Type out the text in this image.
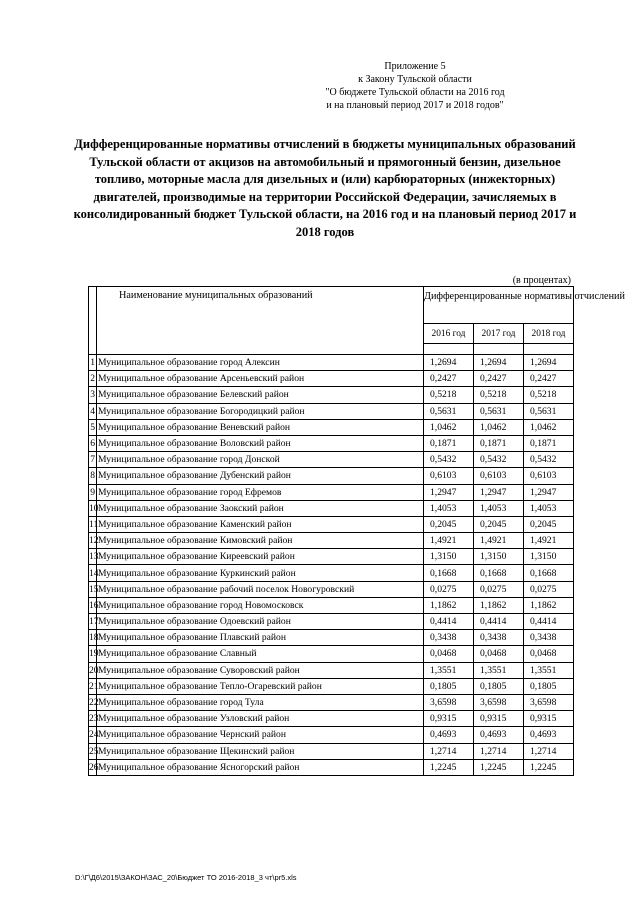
Приложение 5
к Закону Тульской области
"О бюджете Тульской области на 2016 год
и на плановый период 2017 и 2018 годов"
Дифференцированные нормативы отчислений в бюджеты муниципальных образований Тульской области от акцизов на автомобильный и прямогонный бензин, дизельное топливо, моторные масла для дизельных и (или) карбюраторных (инжекторных) двигателей, производимые на территории Российской Федерации, зачисляемых в консолидированный бюджет Тульской области, на 2016 год и на плановый период 2017 и 2018 годов
(в процентах)
	Наименование муниципальных образований	Дифференцированные нормативы отчислений		
		2016 год	2017 год	2018 год

1	Муниципальное образование город Алексин	1,2694	1,2694	1,2694
2	Муниципальное образование Арсеньевский район	0,2427	0,2427	0,2427
3	Муниципальное образование Белевский район	0,5218	0,5218	0,5218
4	Муниципальное образование Богородицкий район	0,5631	0,5631	0,5631
5	Муниципальное образование Веневский район	1,0462	1,0462	1,0462
6	Муниципальное образование Воловский район	0,1871	0,1871	0,1871
7	Муниципальное образование город Донской	0,5432	0,5432	0,5432
8	Муниципальное образование Дубенский район	0,6103	0,6103	0,6103
9	Муниципальное образование город Ефремов	1,2947	1,2947	1,2947
10	Муниципальное образование Заокский район	1,4053	1,4053	1,4053
11	Муниципальное образование Каменский район	0,2045	0,2045	0,2045
12	Муниципальное образование Кимовский район	1,4921	1,4921	1,4921
13	Муниципальное образование Киреевский район	1,3150	1,3150	1,3150
14	Муниципальное образование Куркинский район	0,1668	0,1668	0,1668
15	Муниципальное образование рабочий поселок Новогуровский	0,0275	0,0275	0,0275
16	Муниципальное образование город Новомосковск	1,1862	1,1862	1,1862
17	Муниципальное образование Одоевский район	0,4414	0,4414	0,4414
18	Муниципальное образование Плавский район	0,3438	0,3438	0,3438
19	Муниципальное образование Славный	0,0468	0,0468	0,0468
20	Муниципальное образование Суворовский район	1,3551	1,3551	1,3551
21	Муниципальное образование Тепло-Огаревский район	0,1805	0,1805	0,1805
22	Муниципальное образование город Тула	3,6598	3,6598	3,6598
23	Муниципальное образование Узловский район	0,9315	0,9315	0,9315
24	Муниципальное образование Чернский район	0,4693	0,4693	0,4693
25	Муниципальное образование Щекинский район	1,2714	1,2714	1,2714
26	Муниципальное образование Ясногорский район	1,2245	1,2245	1,2245
D:\Г\Д6\2015\ЗАКОН\ЗАС_20\Бюджет ТО 2016-2018_3 чт\pr5.xls
